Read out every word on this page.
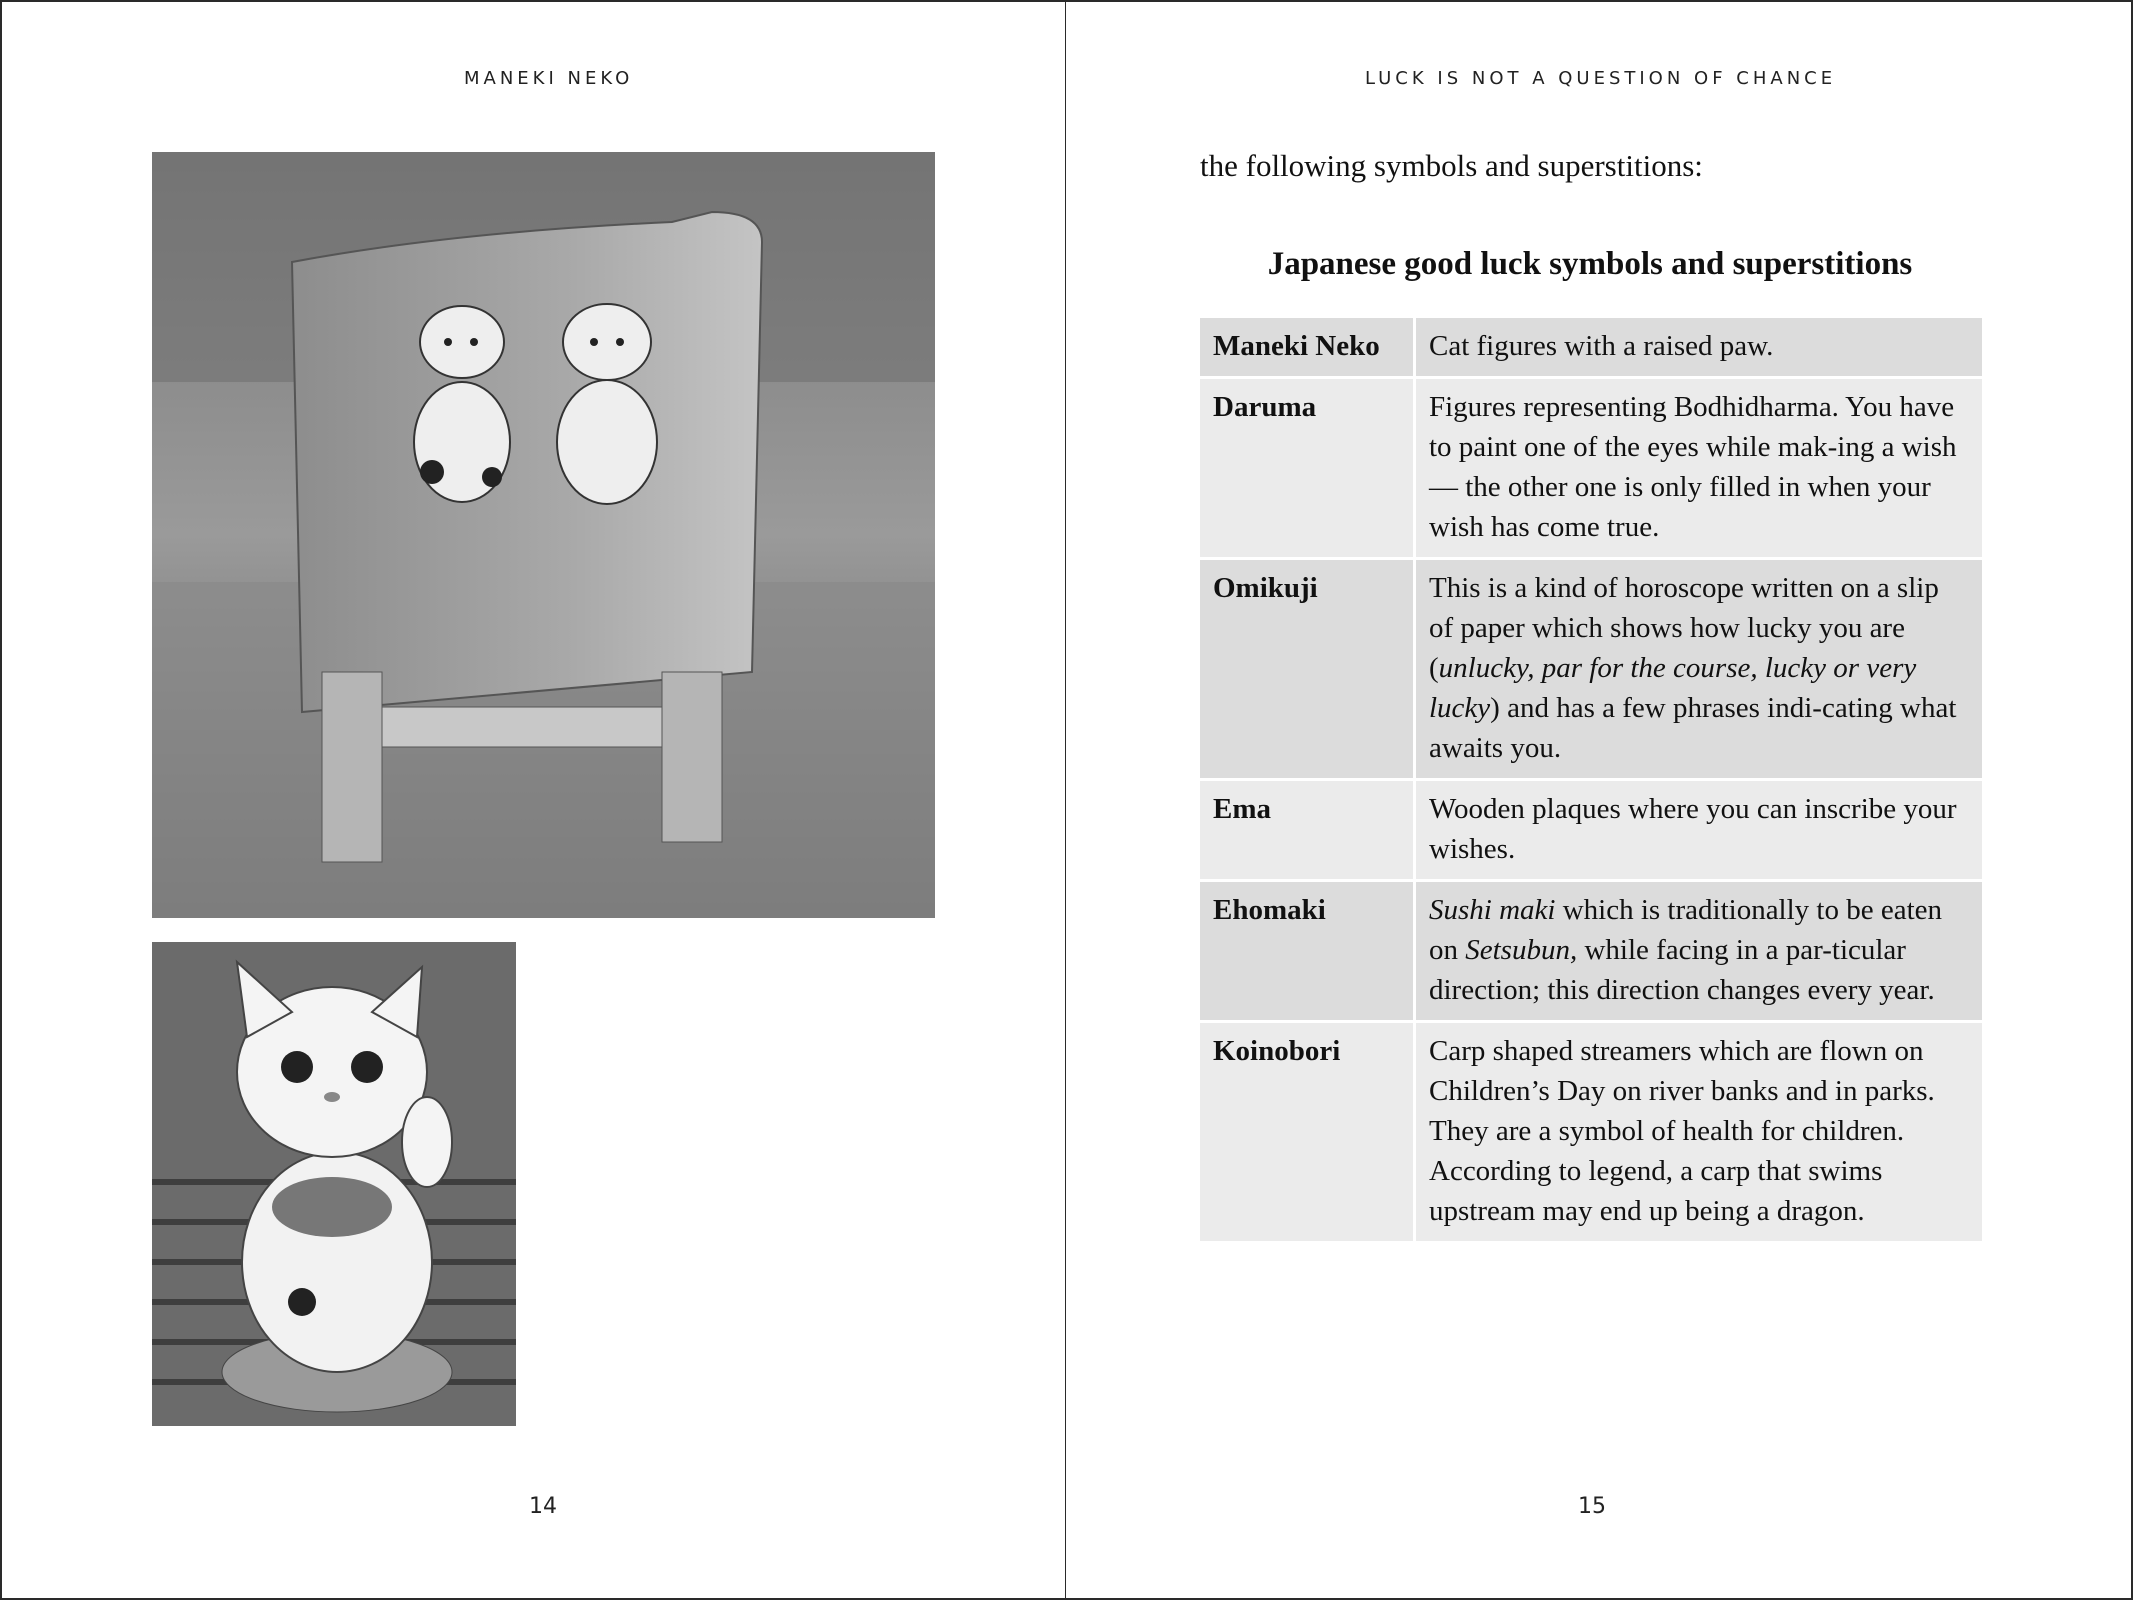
MANEKI NEKO
14
LUCK IS NOT A QUESTION OF CHANCE
the following symbols and superstitions:
Japanese good luck symbols and superstitions
Maneki Neko	Cat figures with a raised paw.
Daruma	Figures representing Bodhidharma. You have to paint one of the eyes while mak-ing a wish — the other one is only filled in when your wish has come true.
Omikuji	This is a kind of horoscope written on a slip of paper which shows how lucky you are (unlucky, par for the course, lucky or very lucky) and has a few phrases indi-cating what awaits you.
Ema	Wooden plaques where you can inscribe your wishes.
Ehomaki	Sushi maki which is traditionally to be eaten on Setsubun, while facing in a par-ticular direction; this direction changes every year.
Koinobori	Carp shaped streamers which are flown on Children’s Day on river banks and in parks. They are a symbol of health for children. According to legend, a carp that swims upstream may end up being a dragon.
15
